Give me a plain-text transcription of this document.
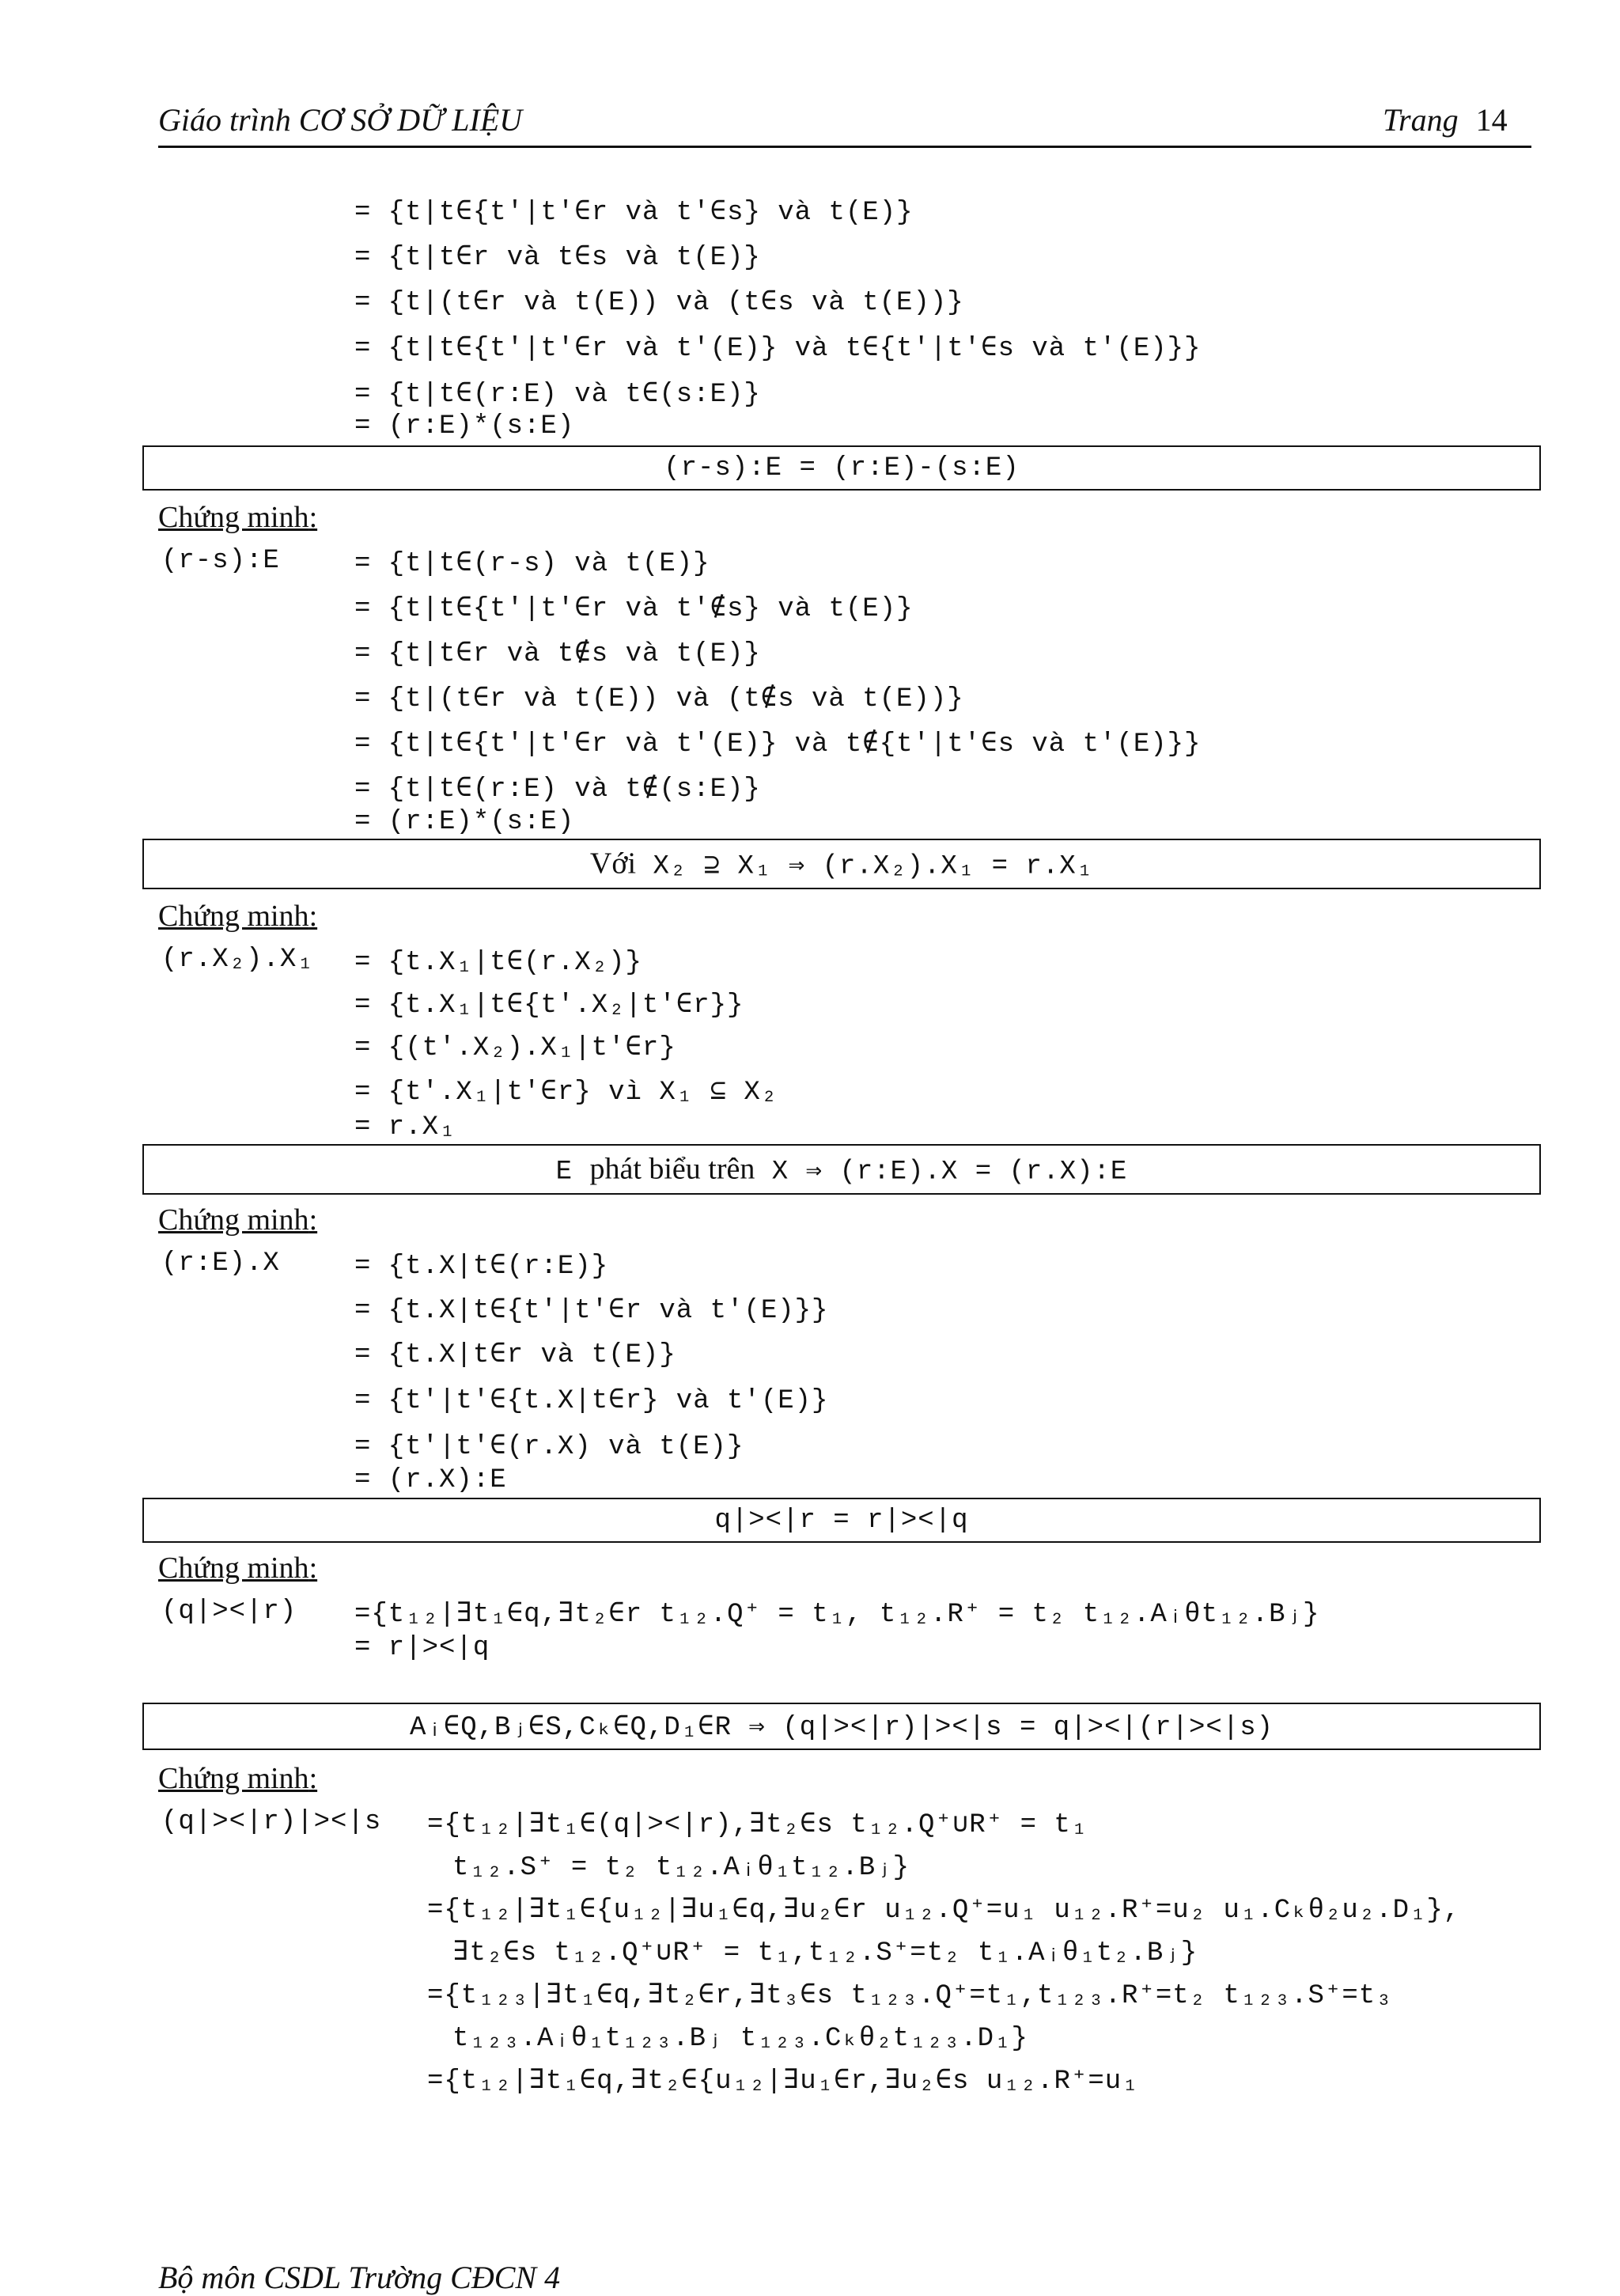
Giáo trình CƠ SỞ DỮ LIỆU	Trang 14
= {t|t∈{t'|t'∈r và t'∈s} và t(E)}
= {t|t∈r và t∈s và t(E)}
= {t|(t∈r và t(E)) và (t∈s và t(E))}
= {t|t∈{t'|t'∈r và t'(E)} và t∈{t'|t'∈s và t'(E)}}
= {t|t∈(r:E) và t∈(s:E)}
= (r:E)*(s:E)
(r-s):E = (r:E)-(s:E)
Chứng minh:
(r-s):E	= {t|t∈(r-s) và t(E)}
= {t|t∈{t'|t'∈r và t'∉s} và t(E)}
= {t|t∈r và t∉s và t(E)}
= {t|(t∈r và t(E)) và (t∉s và t(E))}
= {t|t∈{t'|t'∈r và t'(E)} và t∉{t'|t'∈s và t'(E)}}
= {t|t∈(r:E) và t∉(s:E)}
= (r:E)*(s:E)
Với X₂ ⊇ X₁ ⇒ (r.X₂).X₁ = r.X₁
Chứng minh:
(r.X₂).X₁ = {t.X₁|t∈(r.X₂)}
= {t.X₁|t∈{t'.X₂|t'∈r}}
= {(t'.X₂).X₁|t'∈r}
= {t'.X₁|t'∈r} vì X₁ ⊆ X₂
= r.X₁
E phát biểu trên X ⇒ (r:E).X = (r.X):E
Chứng minh:
(r:E).X	= {t.X|t∈(r:E)}
= {t.X|t∈{t'|t'∈r và t'(E)}}
= {t.X|t∈r và t(E)}
= {t'|t'∈{t.X|t∈r} và t'(E)}
= {t'|t'∈(r.X) và t(E)}
= (r.X):E
q|><|r = r|><|q
Chứng minh:
(q|><|r) ={t₁₂|∃t₁∈q,∃t₂∈r t₁₂.Q⁺ = t₁, t₁₂.R⁺ = t₂ t₁₂.Aᵢθt₁₂.Bⱼ}
= r|><|q
Aᵢ∈Q,Bⱼ∈S,Cₖ∈Q,D₁∈R ⇒ (q|><|r)|><|s = q|><|(r|><|s)
Chứng minh:
(q|><|r)|><|s ={t₁₂|∃t₁∈(q|><|r),∃t₂∈s t₁₂.Q⁺∪R⁺ = t₁
t₁₂.S⁺ = t₂ t₁₂.Aᵢθ₁t₁₂.Bⱼ}
={t₁₂|∃t₁∈{u₁₂|∃u₁∈q,∃u₂∈r u₁₂.Q⁺=u₁ u₁₂.R⁺=u₂ u₁.Cₖθ₂u₂.D₁},
∃t₂∈s t₁₂.Q⁺∪R⁺ = t₁,t₁₂.S⁺=t₂ t₁.Aᵢθ₁t₂.Bⱼ}
={t₁₂₃|∃t₁∈q,∃t₂∈r,∃t₃∈s t₁₂₃.Q⁺=t₁,t₁₂₃.R⁺=t₂ t₁₂₃.S⁺=t₃
t₁₂₃.Aᵢθ₁t₁₂₃.Bⱼ t₁₂₃.Cₖθ₂t₁₂₃.D₁}
={t₁₂|∃t₁∈q,∃t₂∈{u₁₂|∃u₁∈r,∃u₂∈s u₁₂.R⁺=u₁
Bộ môn CSDL Trường CĐCN 4
